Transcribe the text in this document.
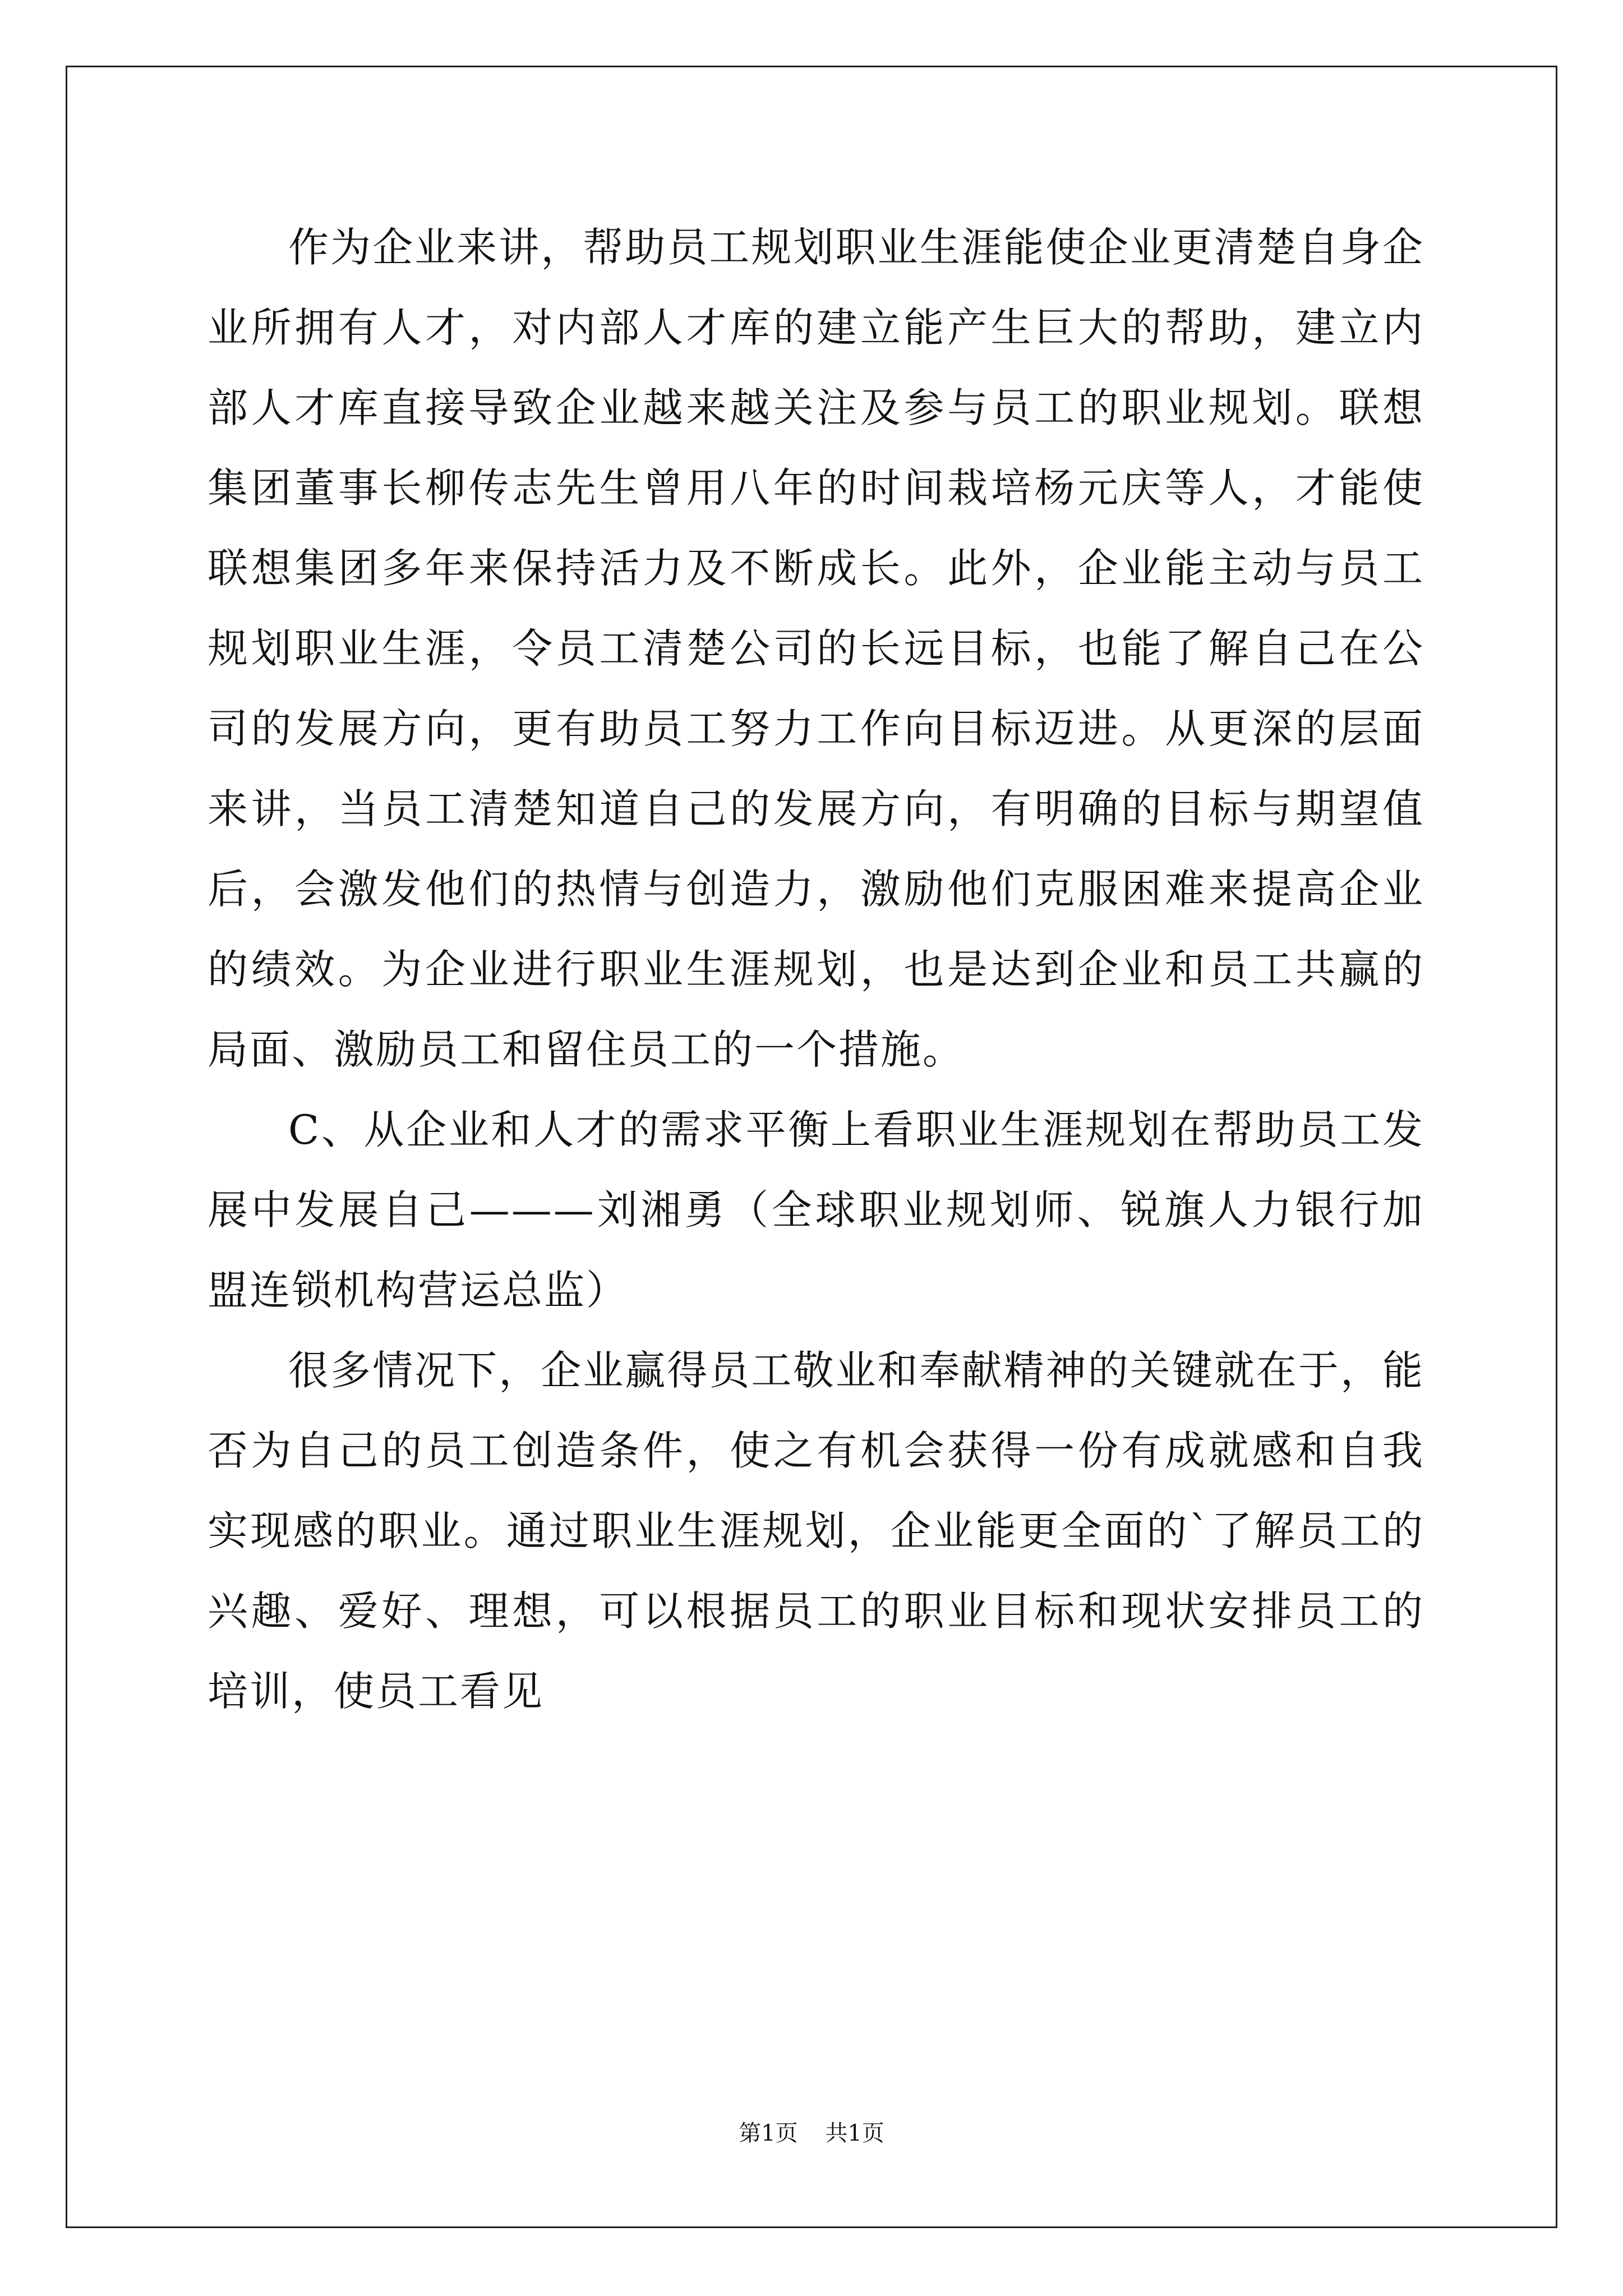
作为企业来讲，帮助员工规划职业生涯能使企业更清楚自身企业所拥有人才，对内部人才库的建立能产生巨大的帮助，建立内部人才库直接导致企业越来越关注及参与员工的职业规划。联想集团董事长柳传志先生曾用八年的时间栽培杨元庆等人，才能使联想集团多年来保持活力及不断成长。此外，企业能主动与员工规划职业生涯，令员工清楚公司的长远目标，也能了解自己在公司的发展方向，更有助员工努力工作向目标迈进。从更深的层面来讲，当员工清楚知道自己的发展方向，有明确的目标与期望值后，会激发他们的热情与创造力，激励他们克服困难来提高企业的绩效。为企业进行职业生涯规划，也是达到企业和员工共赢的局面、激励员工和留住员工的一个措施。

C、从企业和人才的需求平衡上看职业生涯规划在帮助员工发展中发展自己———刘湘勇（全球职业规划师、锐旗人力银行加盟连锁机构营运总监）

很多情况下，企业赢得员工敬业和奉献精神的关键就在于，能否为自己的员工创造条件，使之有机会获得一份有成就感和自我实现感的职业。通过职业生涯规划，企业能更全面的`了解员工的兴趣、爱好、理想，可以根据员工的职业目标和现状安排员工的培训，使员工看见

第1页 共1页
